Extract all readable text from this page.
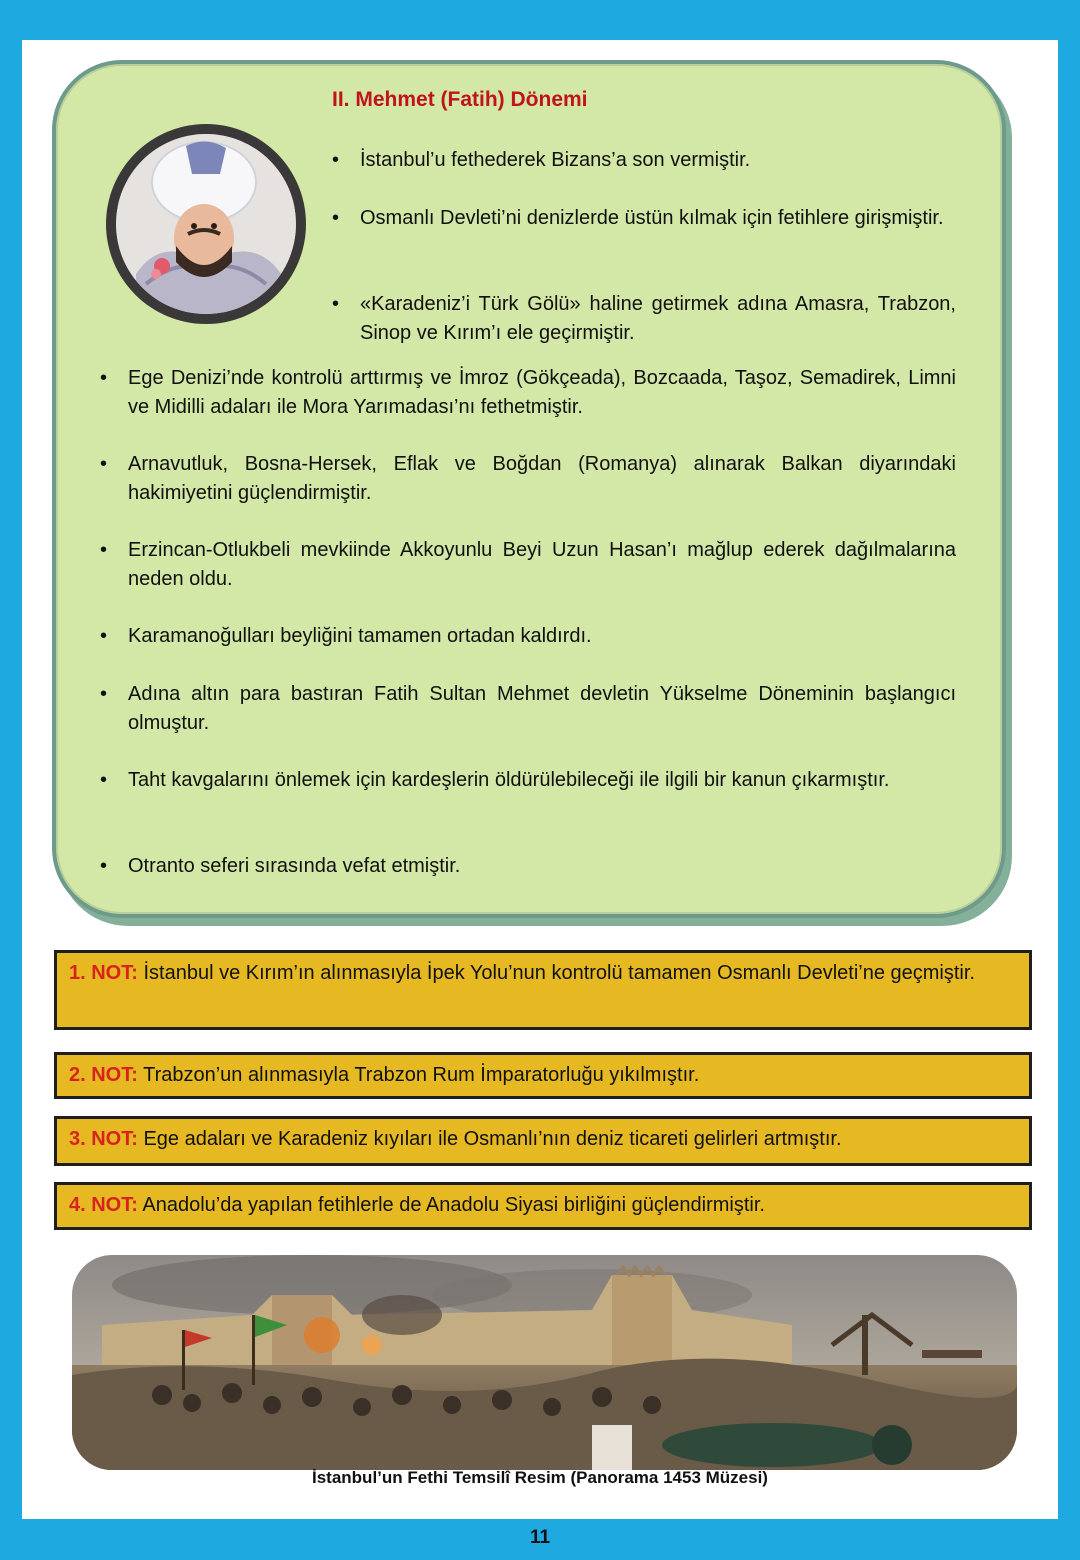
II. Mehmet (Fatih) Dönemi
• İstanbul’u fethederek Bizans’a son vermiştir.
• Osmanlı Devleti’ni denizlerde üstün kılmak için fetihlere girişmiştir.
• «Karadeniz’i Türk Gölü» haline getirmek adına Amasra, Trabzon, Sinop ve Kırım’ı ele geçirmiştir.
• Ege Denizi’nde kontrolü arttırmış ve İmroz (Gökçeada), Bozcaada, Taşoz, Semadirek, Limni ve Midilli adaları ile Mora Yarımadası’nı fethetmiştir.
• Arnavutluk, Bosna-Hersek, Eflak ve Boğdan (Romanya) alınarak Balkan diyarındaki hakimiyetini güçlendirmiştir.
• Erzincan-Otlukbeli mevkiinde Akkoyunlu Beyi Uzun Hasan’ı mağlup ederek dağılmalarına neden oldu.
• Karamanoğulları beyliğini tamamen ortadan kaldırdı.
• Adına altın para bastıran Fatih Sultan Mehmet devletin Yükselme Döneminin başlangıcı olmuştur.
• Taht kavgalarını önlemek için kardeşlerin öldürülebileceği ile ilgili bir kanun çıkarmıştır.
• Otranto seferi sırasında vefat etmiştir.
1. NOT: İstanbul ve Kırım’ın alınmasıyla İpek Yolu’nun kontrolü tamamen Osmanlı Devleti’ne geçmiştir.
2. NOT: Trabzon’un alınmasıyla Trabzon Rum İmparatorluğu yıkılmıştır.
3. NOT: Ege adaları ve Karadeniz kıyıları ile Osmanlı’nın deniz ticareti gelirleri artmıştır.
4. NOT: Anadolu’da yapılan fetihlerle de Anadolu Siyasi birliğini güçlendirmiştir.
İstanbul’un Fethi Temsilî Resim (Panorama 1453 Müzesi)
11
